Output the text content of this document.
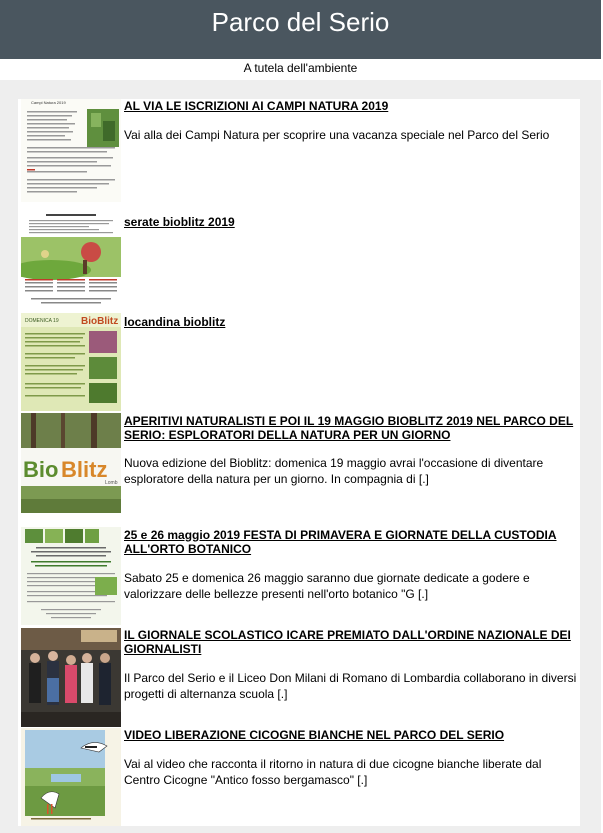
Parco del Serio
A tutela dell'ambiente
Campi Natura 2019	AL VIA LE ISCRIZIONI AI CAMPI NATURA 2019
Vai alla dei Campi Natura per scoprire una vacanza speciale nel Parco del Serio
serate bioblitz 2019
DOMENICA 19 BioBlitz locandina bioblitz
Bio Blitz
Lomb
APERITIVI NATURALISTI E POI IL 19 MAGGIO BIOBLITZ 2019 NEL PARCO DEL SERIO: ESPLORATORI DELLA NATURA PER UN GIORNO
Nuova edizione del Bioblitz: domenica 19 maggio avrai l'occasione di diventare esploratore della natura per un giorno. In compagnia di [.]
25 e 26 maggio 2019 FESTA DI PRIMAVERA E GIORNATE DELLA CUSTODIA ALL'ORTO BOTANICO
Sabato 25 e domenica 26 maggio saranno due giornate dedicate a godere e valorizzare delle bellezze presenti nell'orto botanico "G [.]
IL GIORNALE SCOLASTICO ICARE PREMIATO DALL'ORDINE NAZIONALE DEI GIORNALISTI
Il Parco del Serio e il Liceo Don Milani di Romano di Lombardia collaborano in diversi progetti di alternanza scuola [.]
VIDEO LIBERAZIONE CICOGNE BIANCHE NEL PARCO DEL SERIO
Vai al video che racconta il ritorno in natura di due cicogne bianche liberate dal Centro Cicogne "Antico fosso bergamasco" [.]
